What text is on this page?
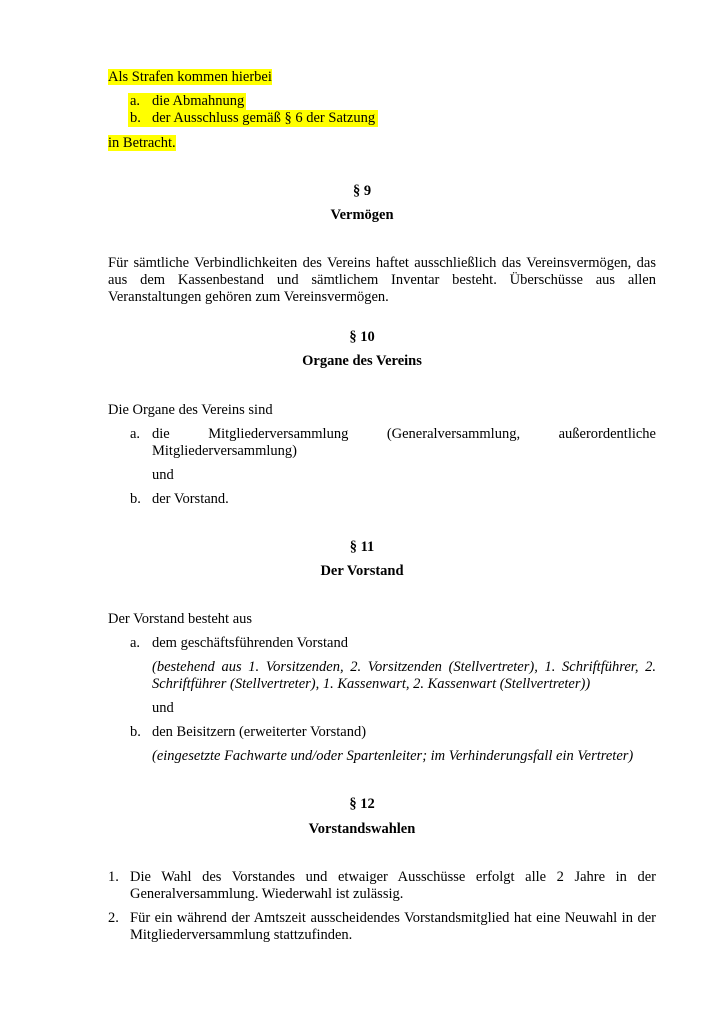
Als Strafen kommen hierbei
a. die Abmahnung
b. der Ausschluss gemäß § 6 der Satzung
in Betracht.
§ 9
Vermögen
Für sämtliche Verbindlichkeiten des Vereins haftet ausschließlich das Vereinsvermögen, das aus dem Kassenbestand und sämtlichem Inventar besteht. Überschüsse aus allen Veranstaltungen gehören zum Vereinsvermögen.
§ 10
Organe des Vereins
Die Organe des Vereins sind
a. die Mitgliederversammlung (Generalversammlung, außerordentliche
Mitgliederversammlung)
und
b. der Vorstand.
§ 11
Der Vorstand
Der Vorstand besteht aus
a. dem geschäftsführenden Vorstand
(bestehend aus 1. Vorsitzenden, 2. Vorsitzenden (Stellvertreter), 1. Schriftführer, 2. Schriftführer (Stellvertreter), 1. Kassenwart, 2. Kassenwart (Stellvertreter))
und
b. den Beisitzern (erweiterter Vorstand)
(eingesetzte Fachwarte und/oder Spartenleiter; im Verhinderungsfall ein Vertreter)
§ 12
Vorstandswahlen
1. Die Wahl des Vorstandes und etwaiger Ausschüsse erfolgt alle 2 Jahre in der Generalversammlung. Wiederwahl ist zulässig.
2. Für ein während der Amtszeit ausscheidendes Vorstandsmitglied hat eine Neuwahl in der Mitgliederversammlung stattzufinden.
